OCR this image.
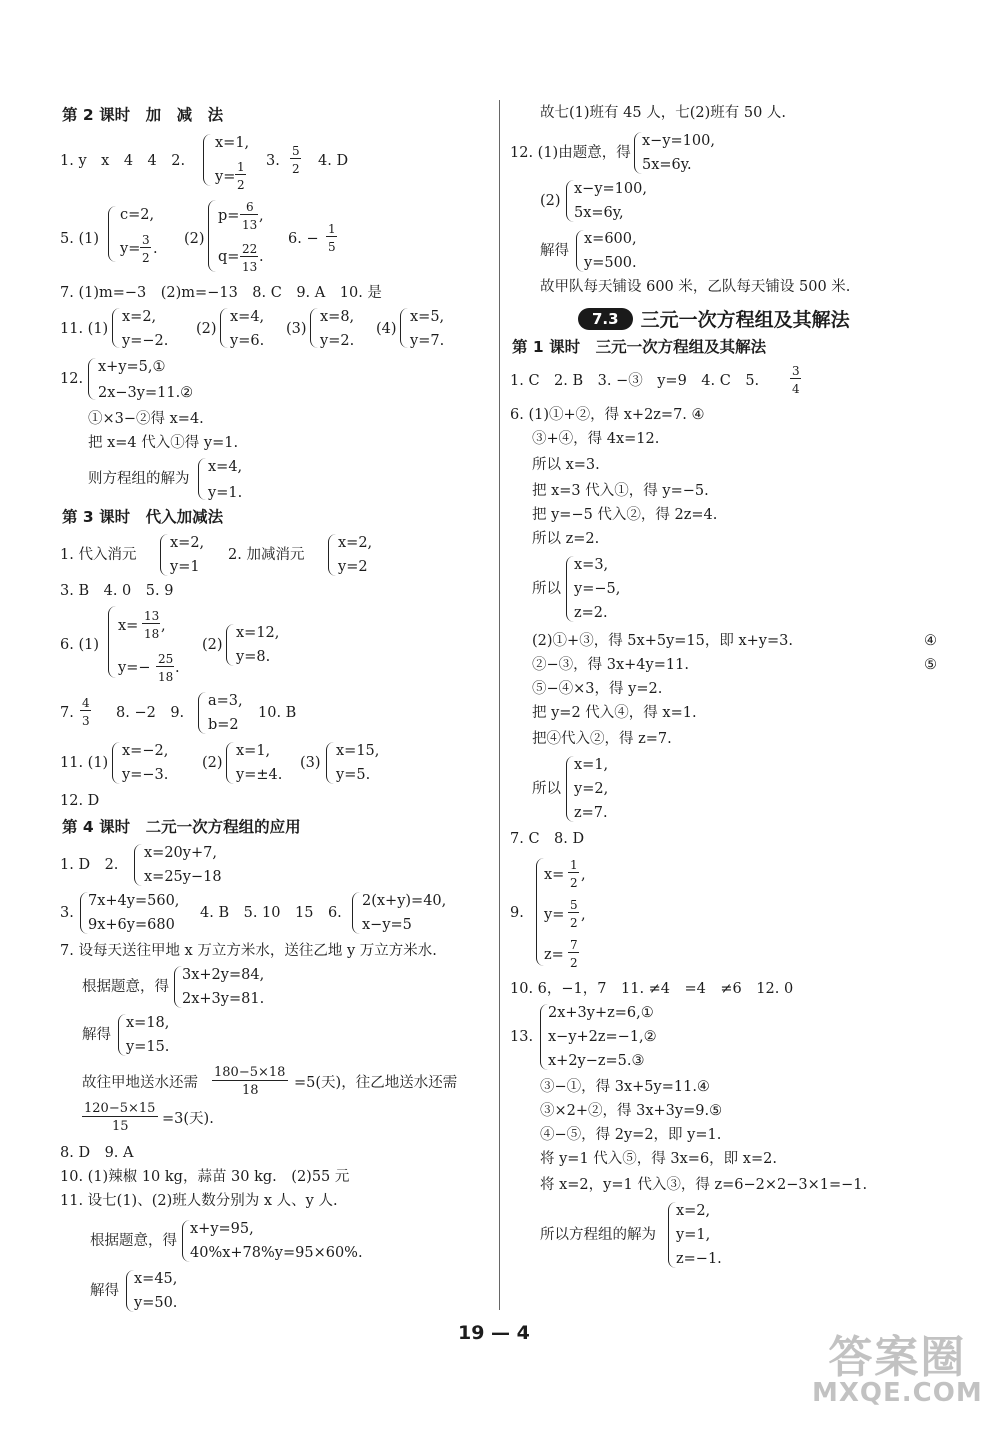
第 2 课时　加　减　法
1. y　x　4　4　2.
x=1,
y=
1
2
3.
5
2 4. D
5. (1)
c=2,
y=
3
2
.
(2)
p=
6
13
,
q= 22
13
.
6. −
1
5
7. (1)m=−3　(2)m=−13　8. C　9. A　10. 是
11. (1)
x=2,
y=−2.
(2)
x=4,
y=6.
(3)
x=8,
y=2.
(4)
x=5,
y=7.
12.
x+y=5,①
2x−3y=11.②
①×3−②得 x=4.
把 x=4 代入①得 y=1.
则方程组的解为
x=4,
y=1.
第 3 课时　代入加减法
1. 代入消元
x=2,
y=1
2. 加减消元
x=2,
y=2
3. B　4. 0　5. 9
6. (1)
x=
13
18 ,
y=−
25
18
.
(2)
x=12,
y=8.
7.
4
3 8. −2　9.
a=3,
b=2
10. B
11. (1)
x=−2,
y=−3.
(2)
x=1,
y=±4.
(3)
x=15,
y=5.
12. D
第 4 课时　二元一次方程组的应用
1. D　2.
x=20y+7,
x=25y−18
3.
7x+4y=560,
9x+6y=680
4. B　5. 10　15　6.
2(x+y)=40,
x−y=5
7. 设每天送往甲地 x 万立方米水，送往乙地 y 万立方米水.
根据题意，得
3x+2y=84,
2x+3y=81.
解得
x=18,
y=15.
故往甲地送水还需
180−5×18
18 =5(天)，往乙地送水还需
120−5×15
15 =3(天).
8. D　9. A
10. (1)辣椒 10 kg，蒜苗 30 kg.　(2)55 元
11. 设七(1)、(2)班人数分别为 x 人、y 人.
根据题意，得
x+y=95,
40%x+78%y=95×60%.
解得
x=45,
y=50.
故七(1)班有 45 人，七(2)班有 50 人.
12. (1)由题意，得
x−y=100,
5x=6y.
(2)
x−y=100,
5x=6y,
解得
x=600,
y=500.
故甲队每天铺设 600 米，乙队每天铺设 500 米.
7.3	三元一次方程组及其解法
第 1 课时　三元一次方程组及其解法
1. C　2. B　3. −③　y=9　4. C　5.
3
4
6. (1)①+②，得 x+2z=7. ④
③+④，得 4x=12.
所以 x=3.
把 x=3 代入①，得 y=−5.
把 y=−5 代入②，得 2z=4.
所以 z=2.
所以
x=3,
y=−5,
z=2.
(2)①+③，得 5x+5y=15，即 x+y=3.	④
②−③，得 3x+4y=11.	⑤
⑤−④×3，得 y=2.
把 y=2 代入④，得 x=1.
把④代入②，得 z=7.
所以
x=1,
y=2,
z=7.
7. C　8. D
9.
x=
1
2 ,
y=
5
2 ,
z=
7
2
10. 6，−1，7　11. ≠4　=4　≠6　12. 0
13.
2x+3y+z=6,①
x−y+2z=−1,②
x+2y−z=5.③
③−①，得 3x+5y=11.④
③×2+②，得 3x+3y=9.⑤
④−⑤，得 2y=2，即 y=1.
将 y=1 代入⑤，得 3x=6，即 x=2.
将 x=2，y=1 代入③，得 z=6−2×2−3×1=−1.
所以方程组的解为
x=2,
y=1,
z=−1.
19 — 4	答案圈
MXQE.COM
